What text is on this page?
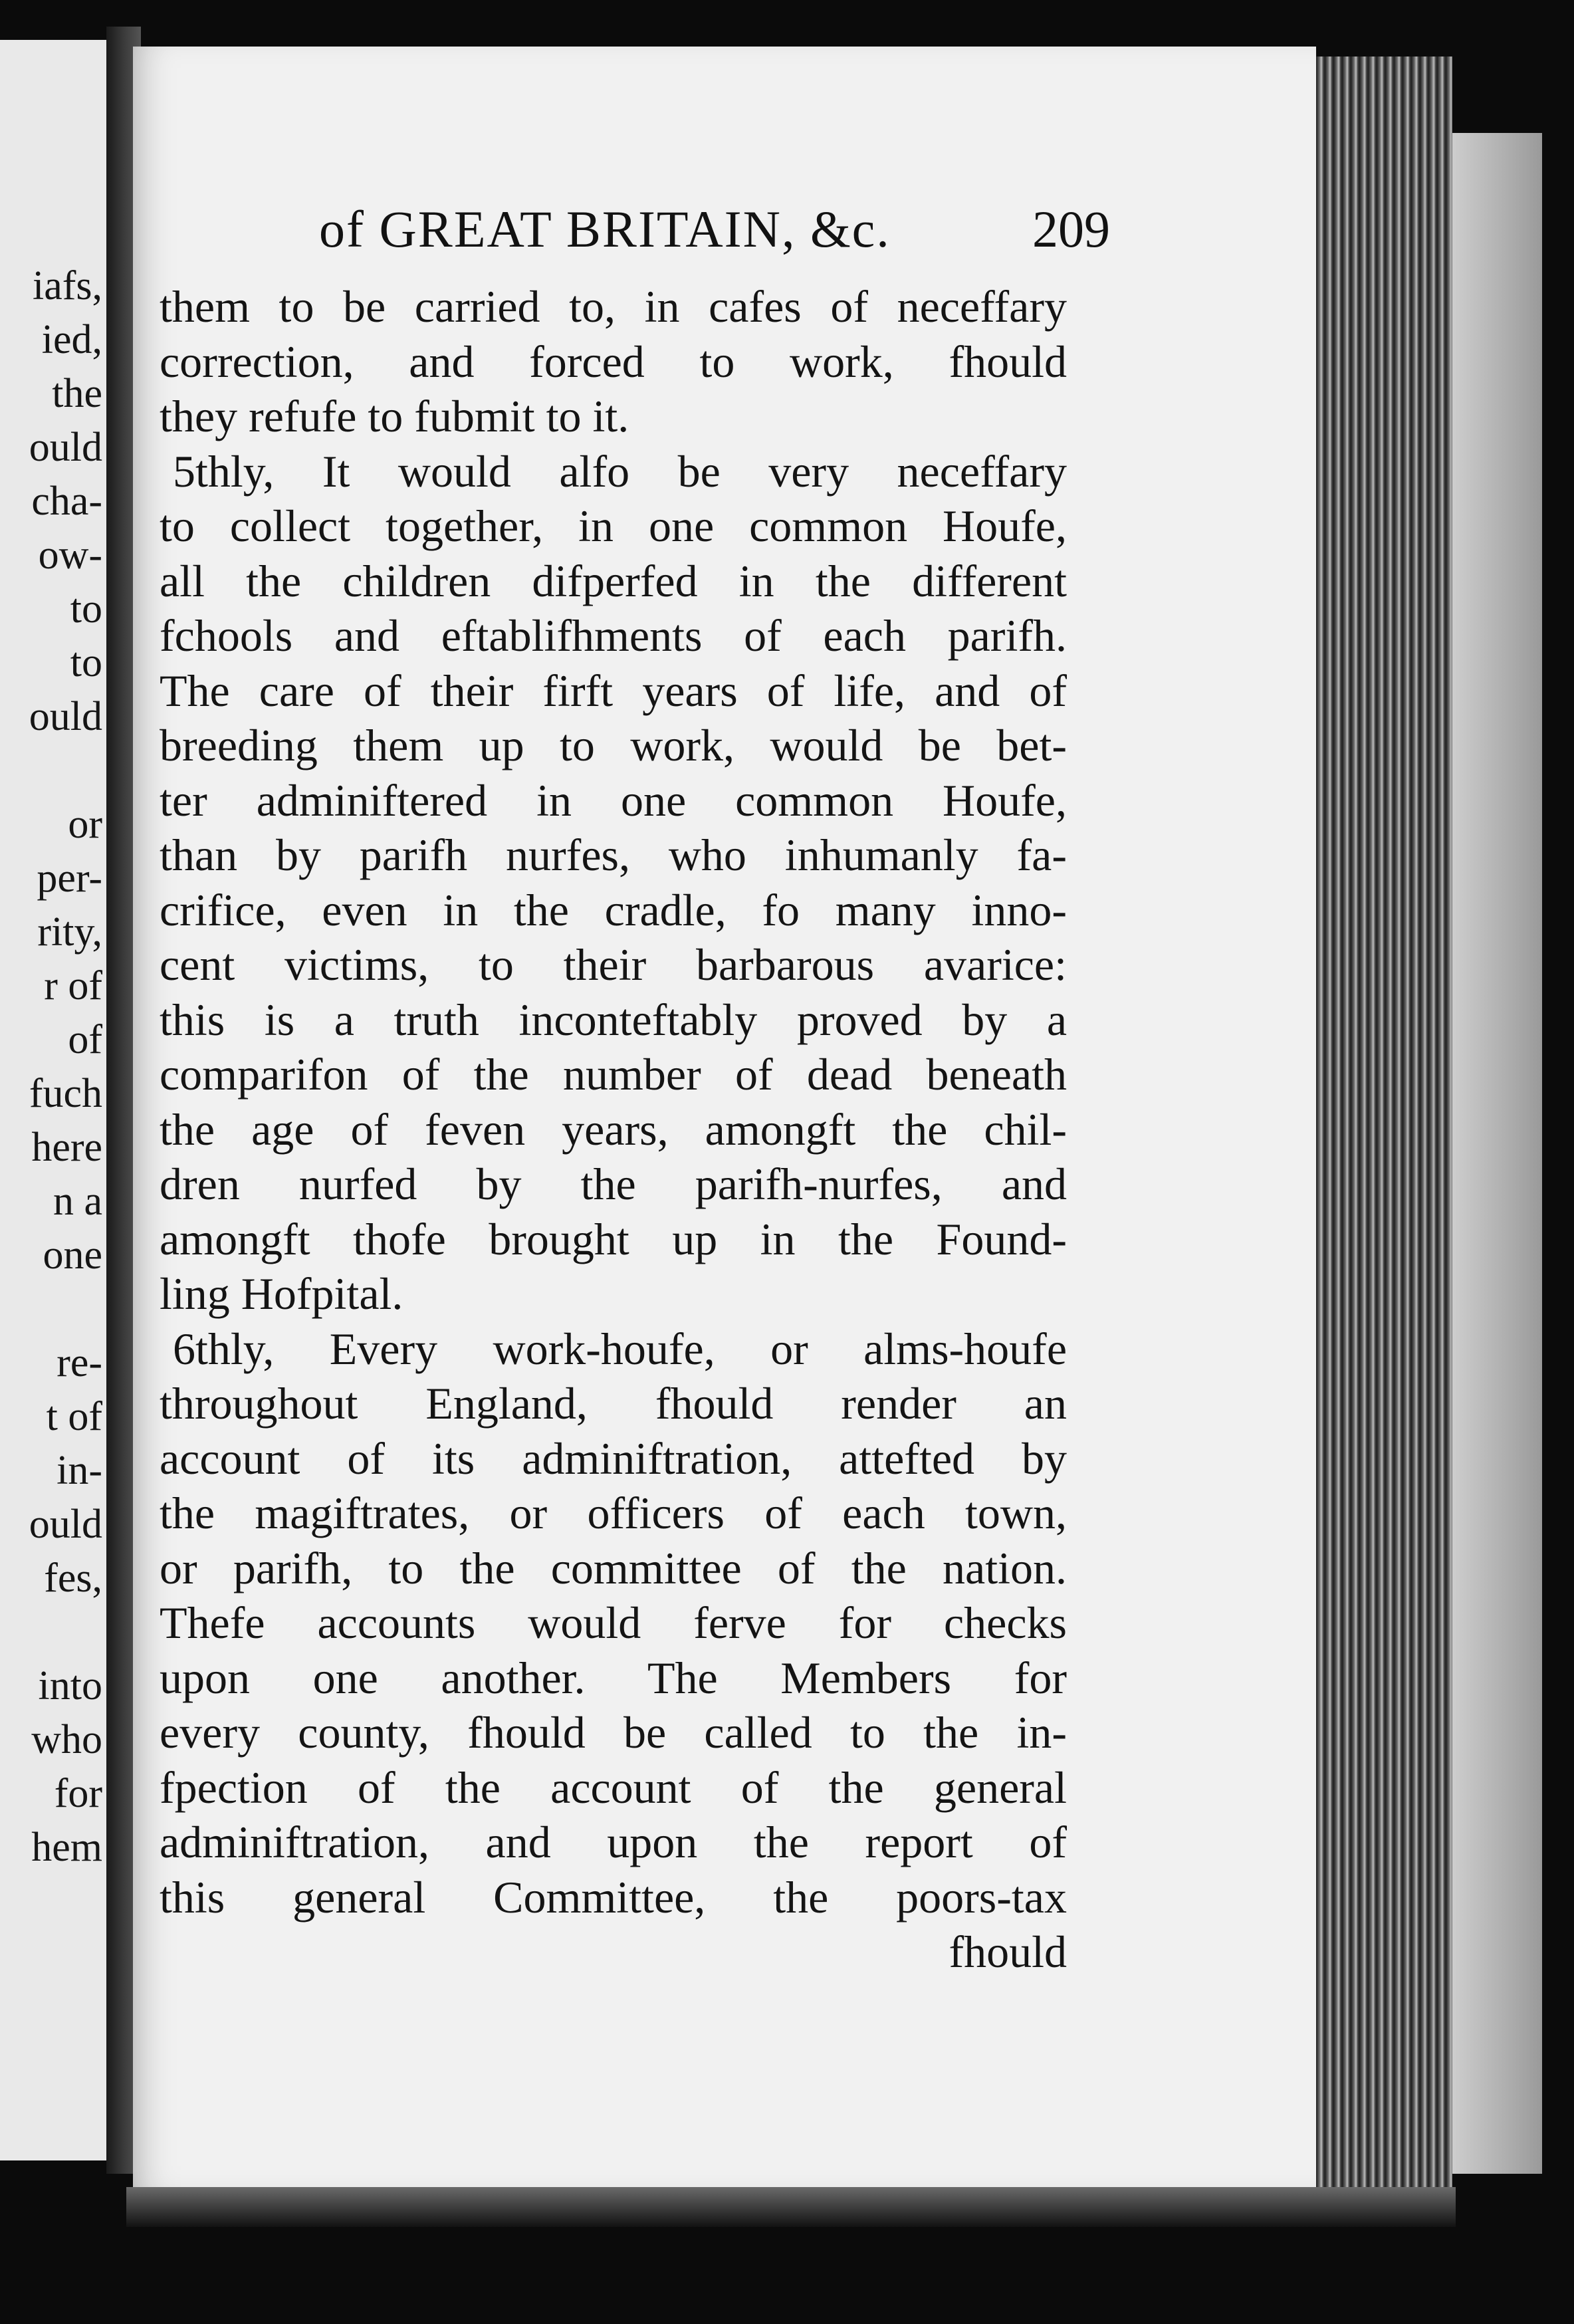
iafs,
ied,
the
ould
cha-
ow-
to
to
ould
or
per-
rity,
r of
of
fuch
here
n a
one
re-
t of
in-
ould
fes,
into
who
for
hem
of GREAT BRITAIN, &c.	209
them to be carried to, in cafes of neceffary
correction, and forced to work, fhould
they refufe to fubmit to it.
5thly, It would alfo be very neceffary
to collect together, in one common Houfe,
all the children difperfed in the different
fchools and eftablifhments of each parifh.
The care of their firft years of life, and of
breeding them up to work, would be bet-
ter adminiftered in one common Houfe,
than by parifh nurfes, who inhumanly fa-
crifice, even in the cradle, fo many inno-
cent victims, to their barbarous avarice:
this is a truth inconteftably proved by a
comparifon of the number of dead beneath
the age of feven years, amongft the chil-
dren nurfed by the parifh-nurfes, and
amongft thofe brought up in the Found-
ling Hofpital.
6thly, Every work-houfe, or alms-houfe
throughout England, fhould render an
account of its adminiftration, attefted by
the magiftrates, or officers of each town,
or parifh, to the committee of the nation.
Thefe accounts would ferve for checks
upon one another. The Members for
every county, fhould be called to the in-
fpection of the account of the general
adminiftration, and upon the report of
this general Committee, the poors-tax
fhould
